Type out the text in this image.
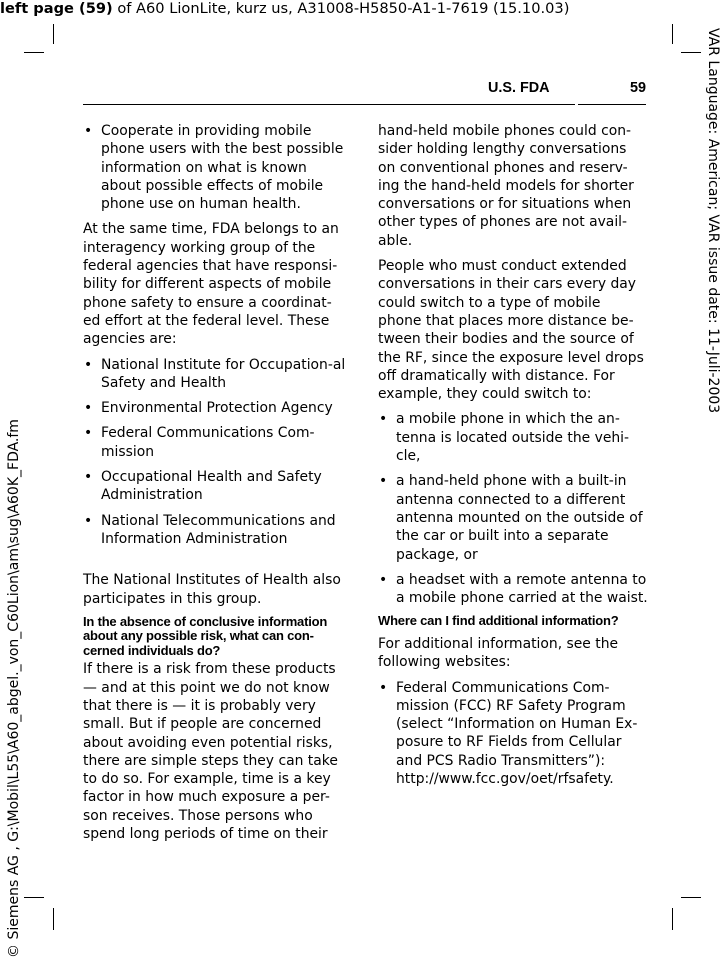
left page (59) of A60 LionLite, kurz us, A31008-H5850-A1-1-7619 (15.10.03)
© Siemens AG , G:\Mobil\L55\A60_abgel._von_C60Lion\am\sug\A60K_FDA.fm
VAR Language: American; VAR issue date: 11-Juli-2003
U.S. FDA	59

• Cooperate in providing mobile phone users with the best possible information on what is known about possible effects of mobile phone use on human health.

At the same time, FDA belongs to an interagency working group of the federal agencies that have responsi-bility for different aspects of mobile phone safety to ensure a coordinat-ed effort at the federal level. These agencies are:

• National Institute for Occupation-al Safety and Health

• Environmental Protection Agency

• Federal Communications Com-mission

• Occupational Health and Safety Administration

• National Telecommunications and Information Administration

The National Institutes of Health also participates in this group.

In the absence of conclusive information about any possible risk, what can con-cerned individuals do?

If there is a risk from these products — and at this point we do not know that there is — it is probably very small. But if people are concerned about avoiding even potential risks, there are simple steps they can take to do so. For example, time is a key factor in how much exposure a per-son receives. Those persons who spend long periods of time on their

hand-held mobile phones could con-sider holding lengthy conversations on conventional phones and reserv-ing the hand-held models for shorter conversations or for situations when other types of phones are not avail-able.

People who must conduct extended conversations in their cars every day could switch to a type of mobile phone that places more distance be-tween their bodies and the source of the RF, since the exposure level drops off dramatically with distance. For example, they could switch to:

• a mobile phone in which the an-tenna is located outside the vehi-cle,

• a hand-held phone with a built-in antenna connected to a different antenna mounted on the outside of the car or built into a separate package, or

• a headset with a remote antenna to a mobile phone carried at the waist.

Where can I find additional information?

For additional information, see the following websites:

• Federal Communications Com-mission (FCC) RF Safety Program (select “Information on Human Ex-posure to RF Fields from Cellular and PCS Radio Transmitters”): http://www.fcc.gov/oet/rfsafety.
